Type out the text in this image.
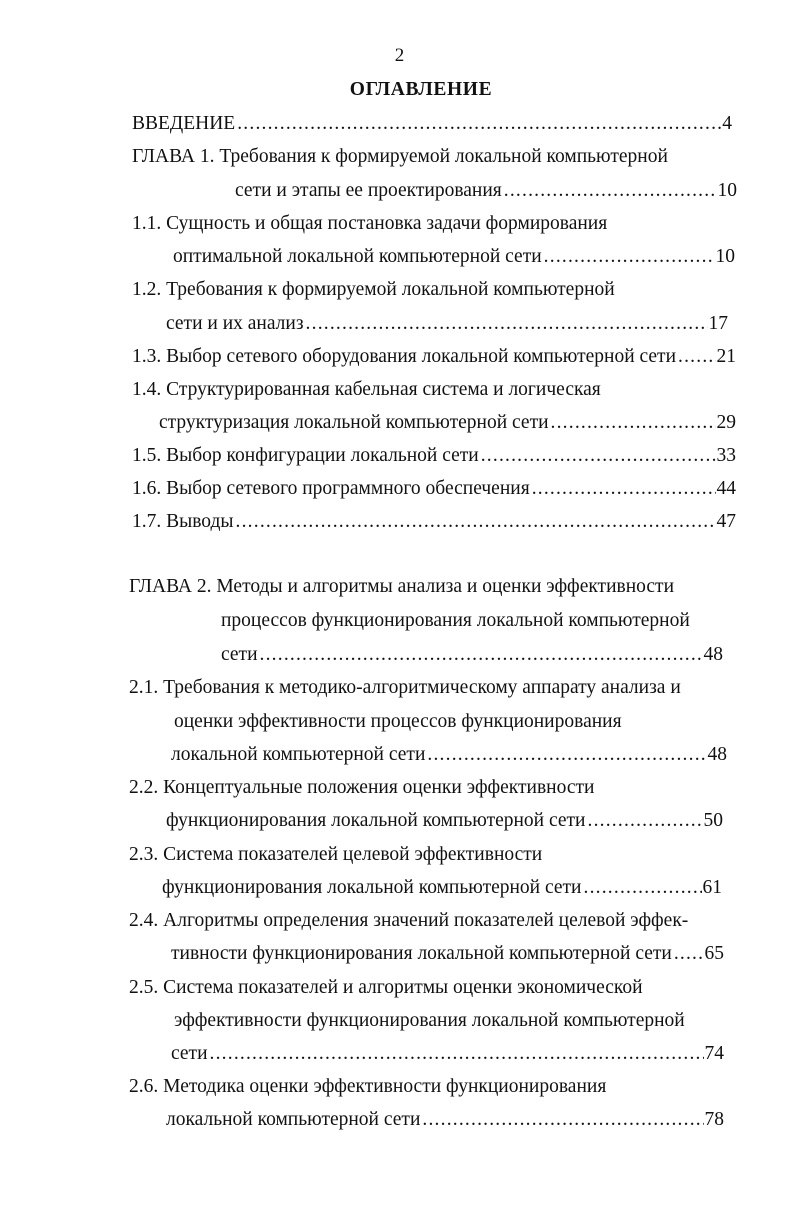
2
ОГЛАВЛЕНИЕ
ВВЕДЕНИЕ .....	4
ГЛАВА 1. Требования к формируемой локальной компьютерной
сети и этапы ее проектирования .....	10
1.1. Сущность и общая постановка задачи формирования
оптимальной локальной компьютерной сети .....	10
1.2. Требования к формируемой локальной компьютерной
сети и их анализ .....	17
1.3. Выбор сетевого оборудования локальной компьютерной сети ..... 21
1.4. Структурированная кабельная система и логическая
структуризация локальной компьютерной сети .....	29
1.5. Выбор конфигурации локальной сети .....	33
1.6. Выбор сетевого программного обеспечения .....	44
1.7. Выводы .....	47
ГЛАВА 2. Методы и алгоритмы анализа и оценки эффективности
процессов функционирования локальной компьютерной
сети .....	48
2.1. Требования к методико-алгоритмическому аппарату анализа и
оценки эффективности процессов функционирования
локальной компьютерной сети .....	48
2.2. Концептуальные положения оценки эффективности
функционирования локальной компьютерной сети .....	50
2.3. Система показателей целевой эффективности
функционирования локальной компьютерной сети .....	61
2.4. Алгоритмы определения значений показателей целевой эффек-
тивности функционирования локальной компьютерной сети ..... 65
2.5. Система показателей и алгоритмы оценки экономической
эффективности функционирования локальной компьютерной
сети .....	74
2.6. Методика оценки эффективности функционирования
локальной компьютерной сети .....	78
